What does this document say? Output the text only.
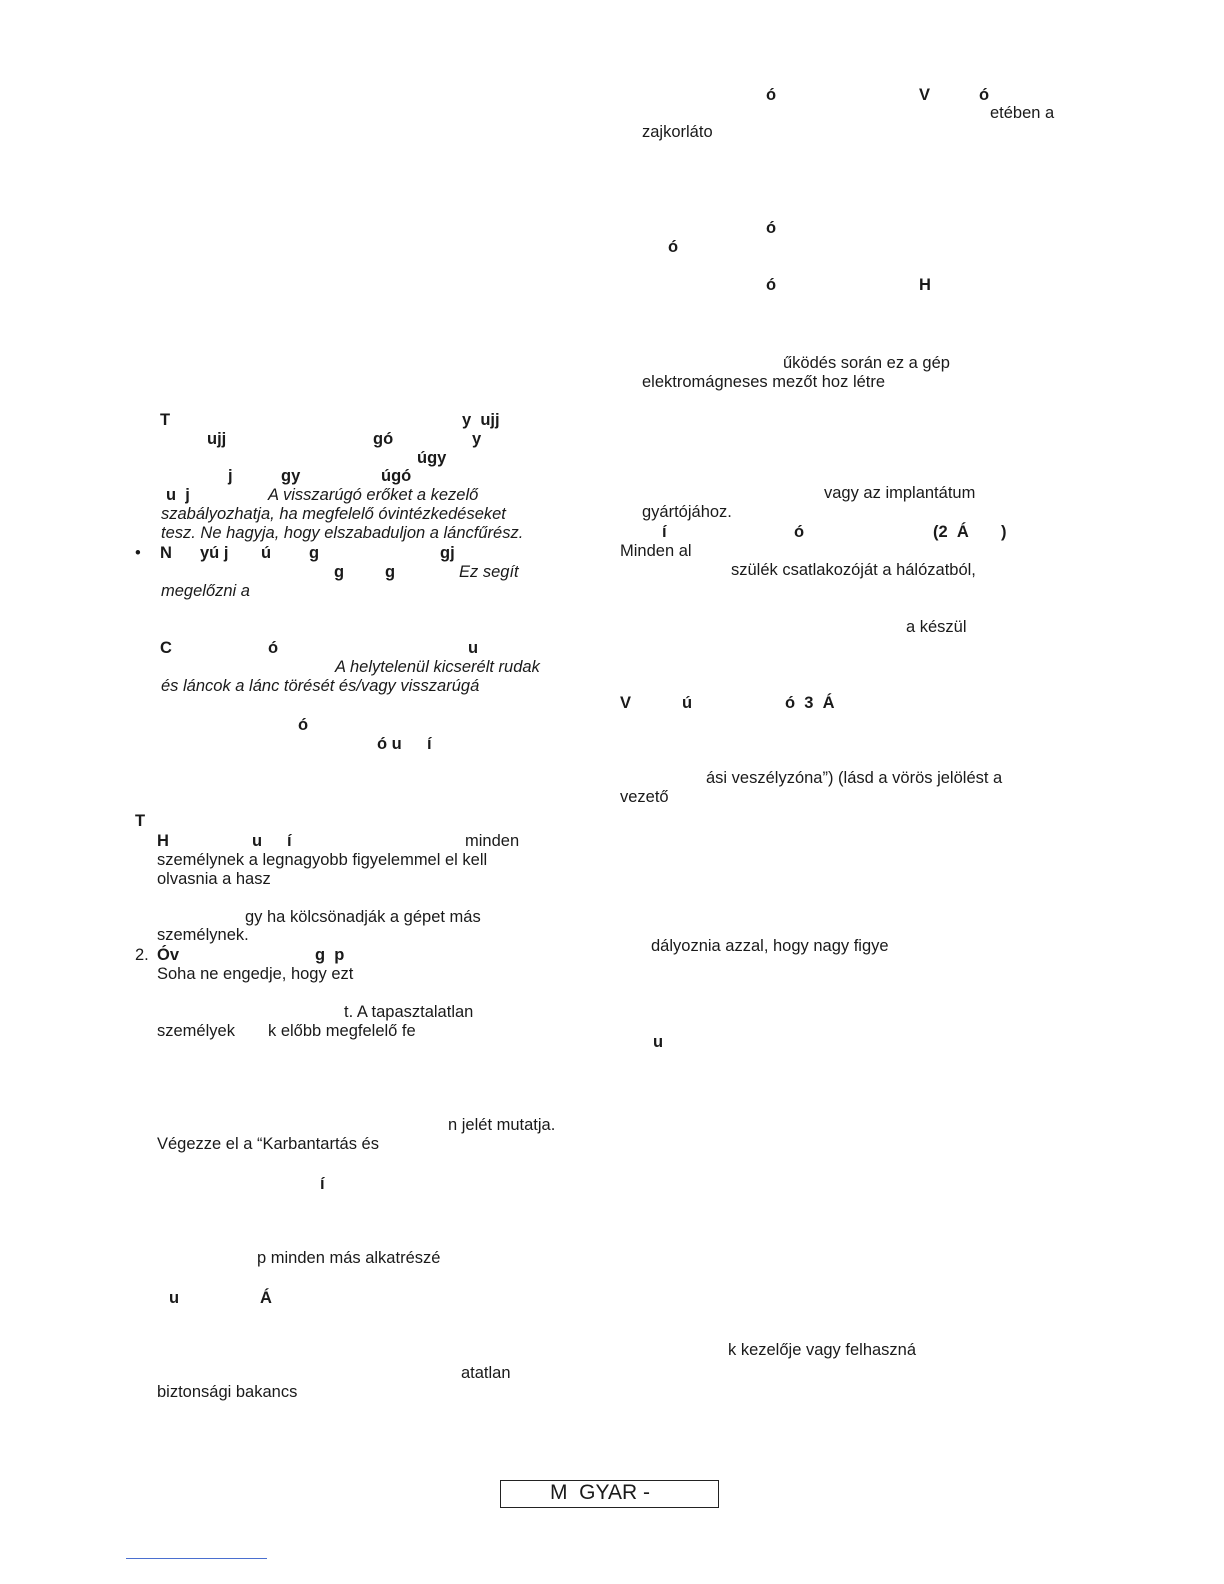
T	y  ujj

ujj	gó	y

úgy

j	gy	úgó

u  j	A visszarúgó erőket a kezelő

szabályozhatja, ha megfelelő óvintézkedéseket

tesz. Ne hagyja, hogy elszabaduljon a láncfűrész.

• N yú j ú g	gj

g g	Ez segít

megelőzni a

C	ó	u

A helytelenül kicserélt rudak

és láncok a lánc törését és/vagy visszarúgá

ó

ó u í

T

H	u í	minden

személynek a legnagyobb figyelemmel el kell

olvasnia a hasz

gy ha kölcsönadják a gépet más

személynek.

2. Óv	g  p

Soha ne engedje, hogy ezt

t. A tapasztalatlan

személyek k előbb megfelelő fe

n jelét mutatja.

Végezze el a “Karbantartás és

í

p minden más alkatrészé

u	Á

atatlan

biztonsági bakancs

ó	V	ó

etében a

zajkorláto

ó

ó

ó	H

űködés során ez a gép

elektromágneses mezőt hoz létre

vagy az implantátum

gyártójához.

í	ó	(2  Á )

Minden al

szülék csatlakozóját a hálózatból,

a készül

V	ú	ó  3  Á

ási veszélyzóna”) (lásd a vörös jelölést a

vezető

dályoznia azzal, hogy nagy figye

u

k kezelője vagy felhaszná

M  GYAR -
